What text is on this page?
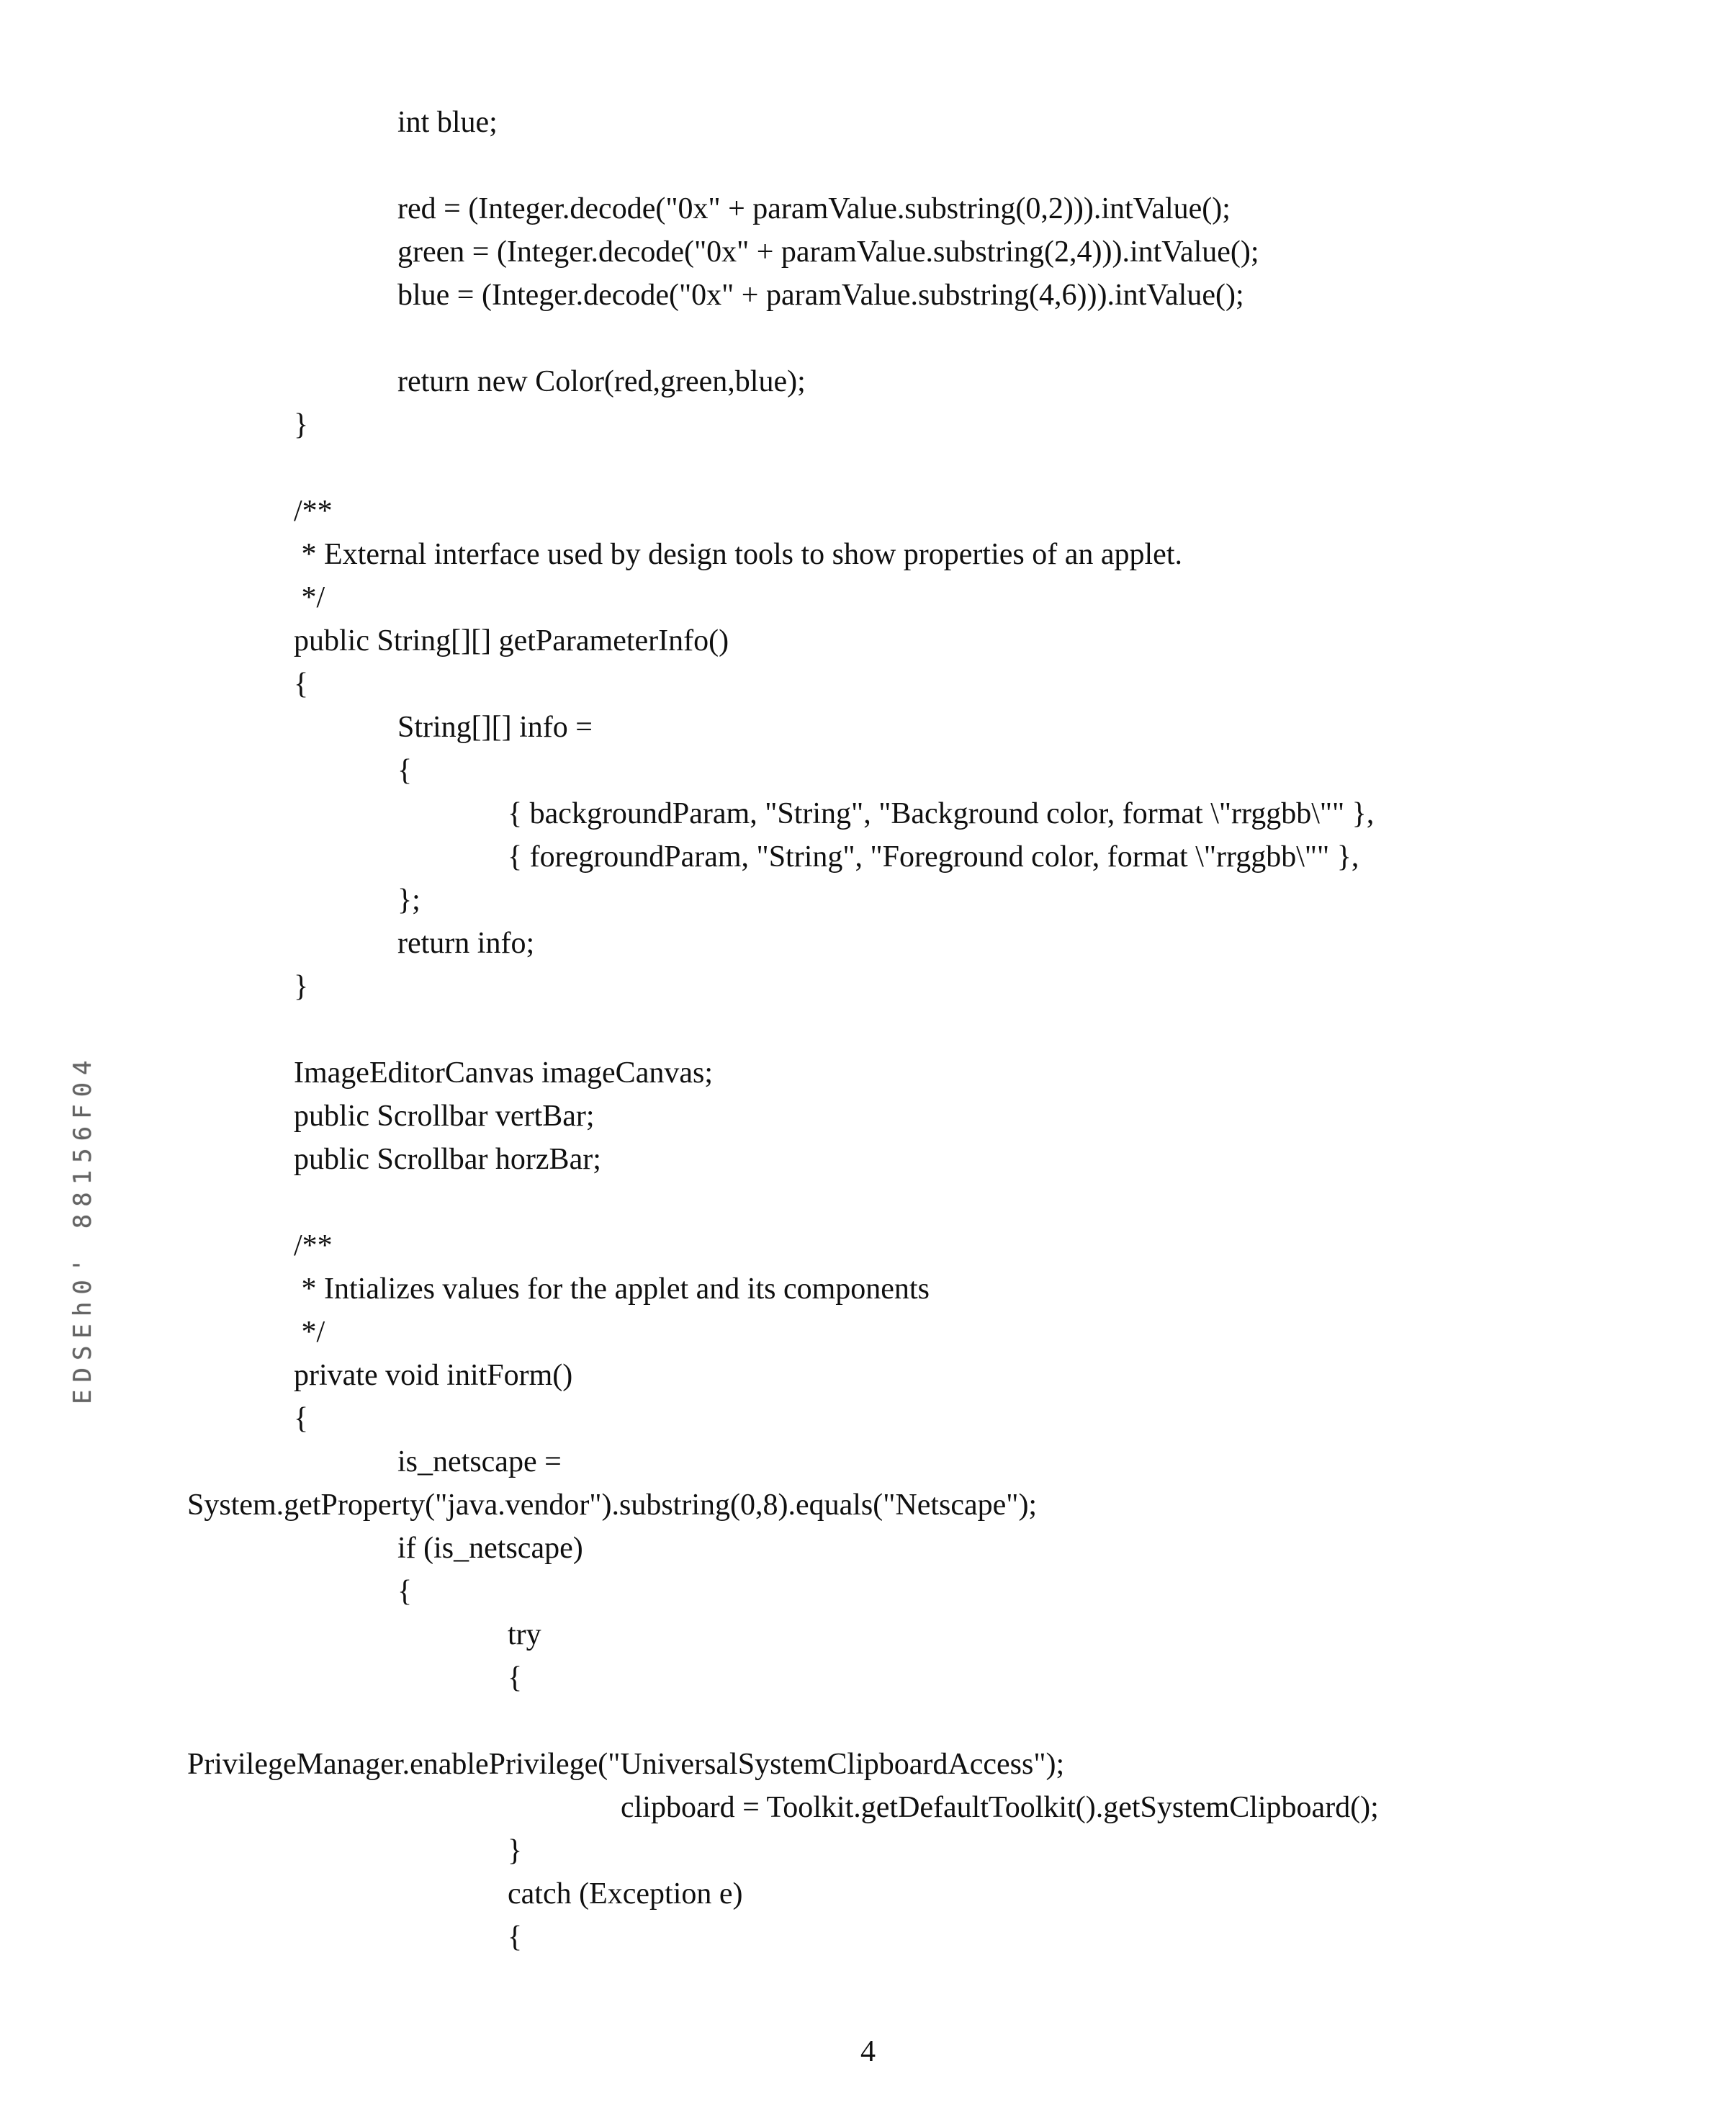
EDSEh0' 88156F04
int blue;

red = (Integer.decode("0x" + paramValue.substring(0,2))).intValue();
green = (Integer.decode("0x" + paramValue.substring(2,4))).intValue();
blue = (Integer.decode("0x" + paramValue.substring(4,6))).intValue();

return new Color(red,green,blue);
}

/**
* External interface used by design tools to show properties of an applet.
*/
public String[][] getParameterInfo()
{
String[][] info =
{
{ backgroundParam, "String", "Background color, format \"rrggbb\"" },
{ foregroundParam, "String", "Foreground color, format \"rrggbb\"" },
};
return info;
}

ImageEditorCanvas imageCanvas;
public Scrollbar vertBar;
public Scrollbar horzBar;

/**
* Intializes values for the applet and its components
*/
private void initForm()
{
is_netscape =
System.getProperty("java.vendor").substring(0,8).equals("Netscape");
if (is_netscape)
{
try
{

PrivilegeManager.enablePrivilege("UniversalSystemClipboardAccess");
clipboard = Toolkit.getDefaultToolkit().getSystemClipboard();
}
catch (Exception e)
{
4
